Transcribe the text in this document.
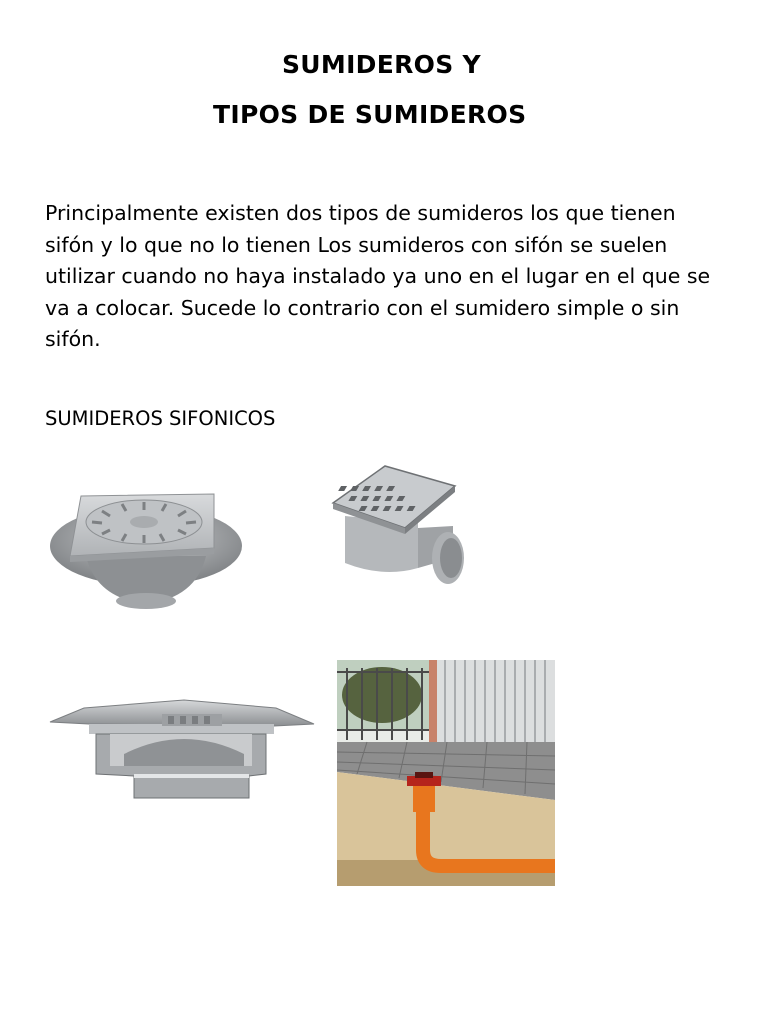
SUMIDEROS Y
TIPOS DE SUMIDEROS

Principalmente existen dos tipos de sumideros los que tienen sifón y lo que no lo tienen Los sumideros con sifón se suelen utilizar cuando no haya instalado ya uno en el lugar en el que se va a colocar. Sucede lo contrario con el sumidero simple o sin sifón.

SUMIDEROS SIFONICOS
